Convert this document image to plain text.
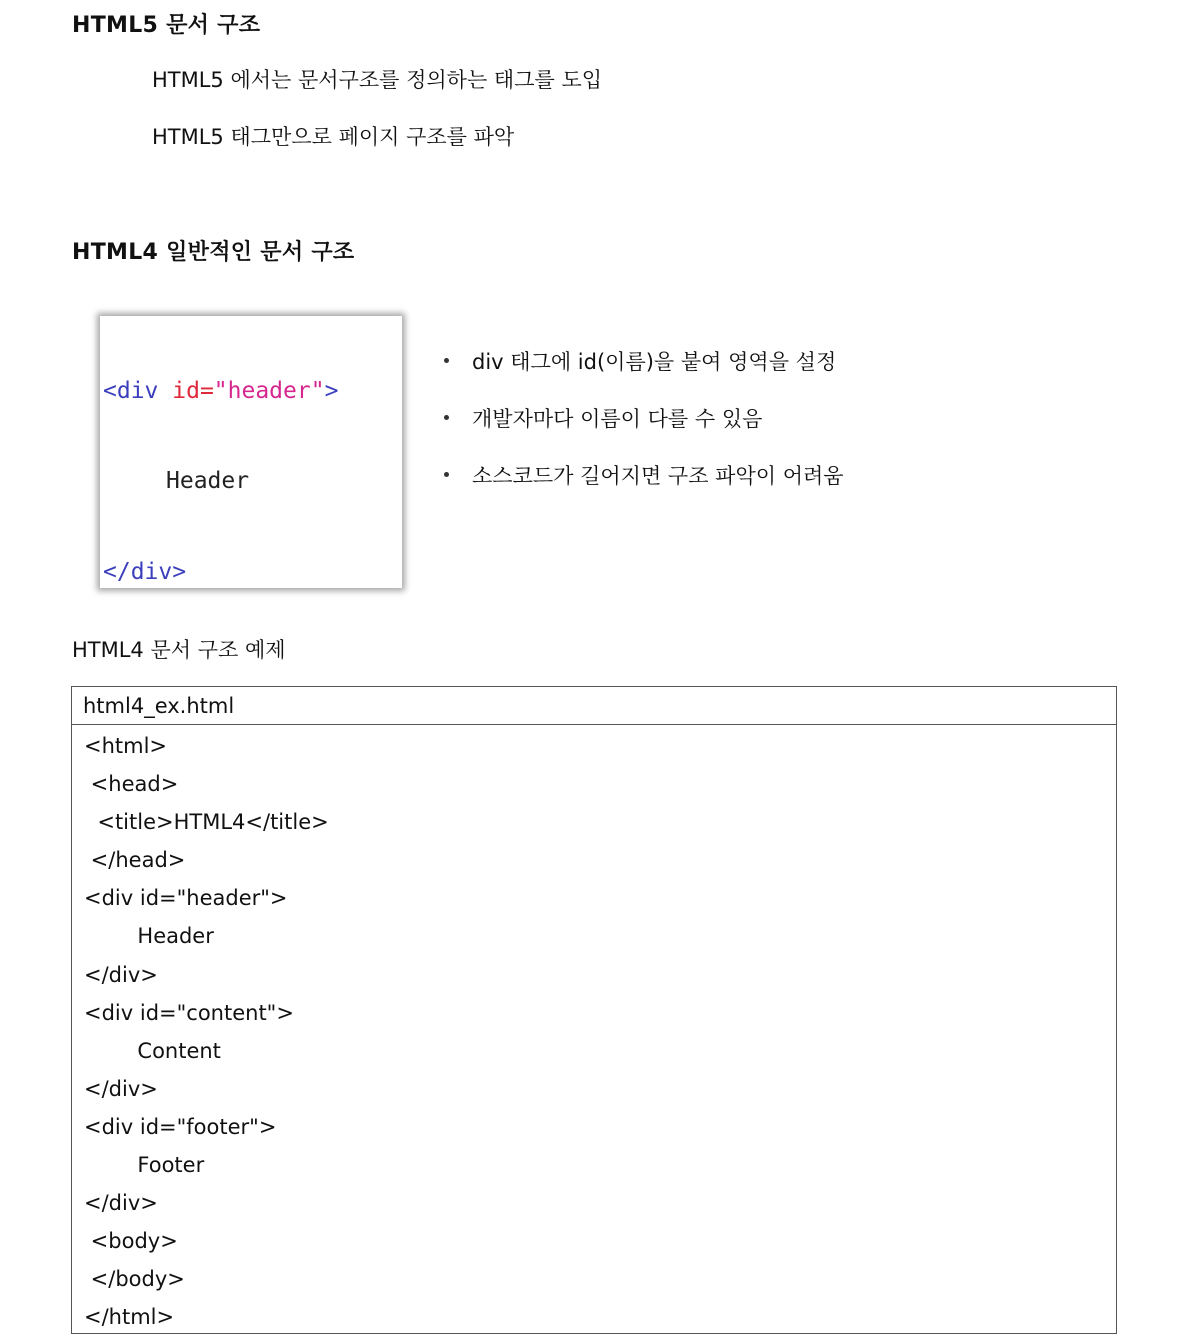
HTML5 문서 구조
HTML5 에서는 문서구조를 정의하는 태그를 도입
HTML5 태그만으로 페이지 구조를 파악
HTML4 일반적인 문서 구조

<div id="header">

Header

</div>

div 태그에 id(이름)을 붙여 영역을 설정
개발자마다 이름이 다를 수 있음
소스코드가 길어지면 구조 파악이 어려움
HTML4 문서 구조 예제
html4_ex.html
<html>
<head>
<title>HTML4</title>
</head>
<div id="header">
Header
</div>
<div id="content">
Content
</div>
<div id="footer">
Footer
</div>
<body>
</body>
</html>
